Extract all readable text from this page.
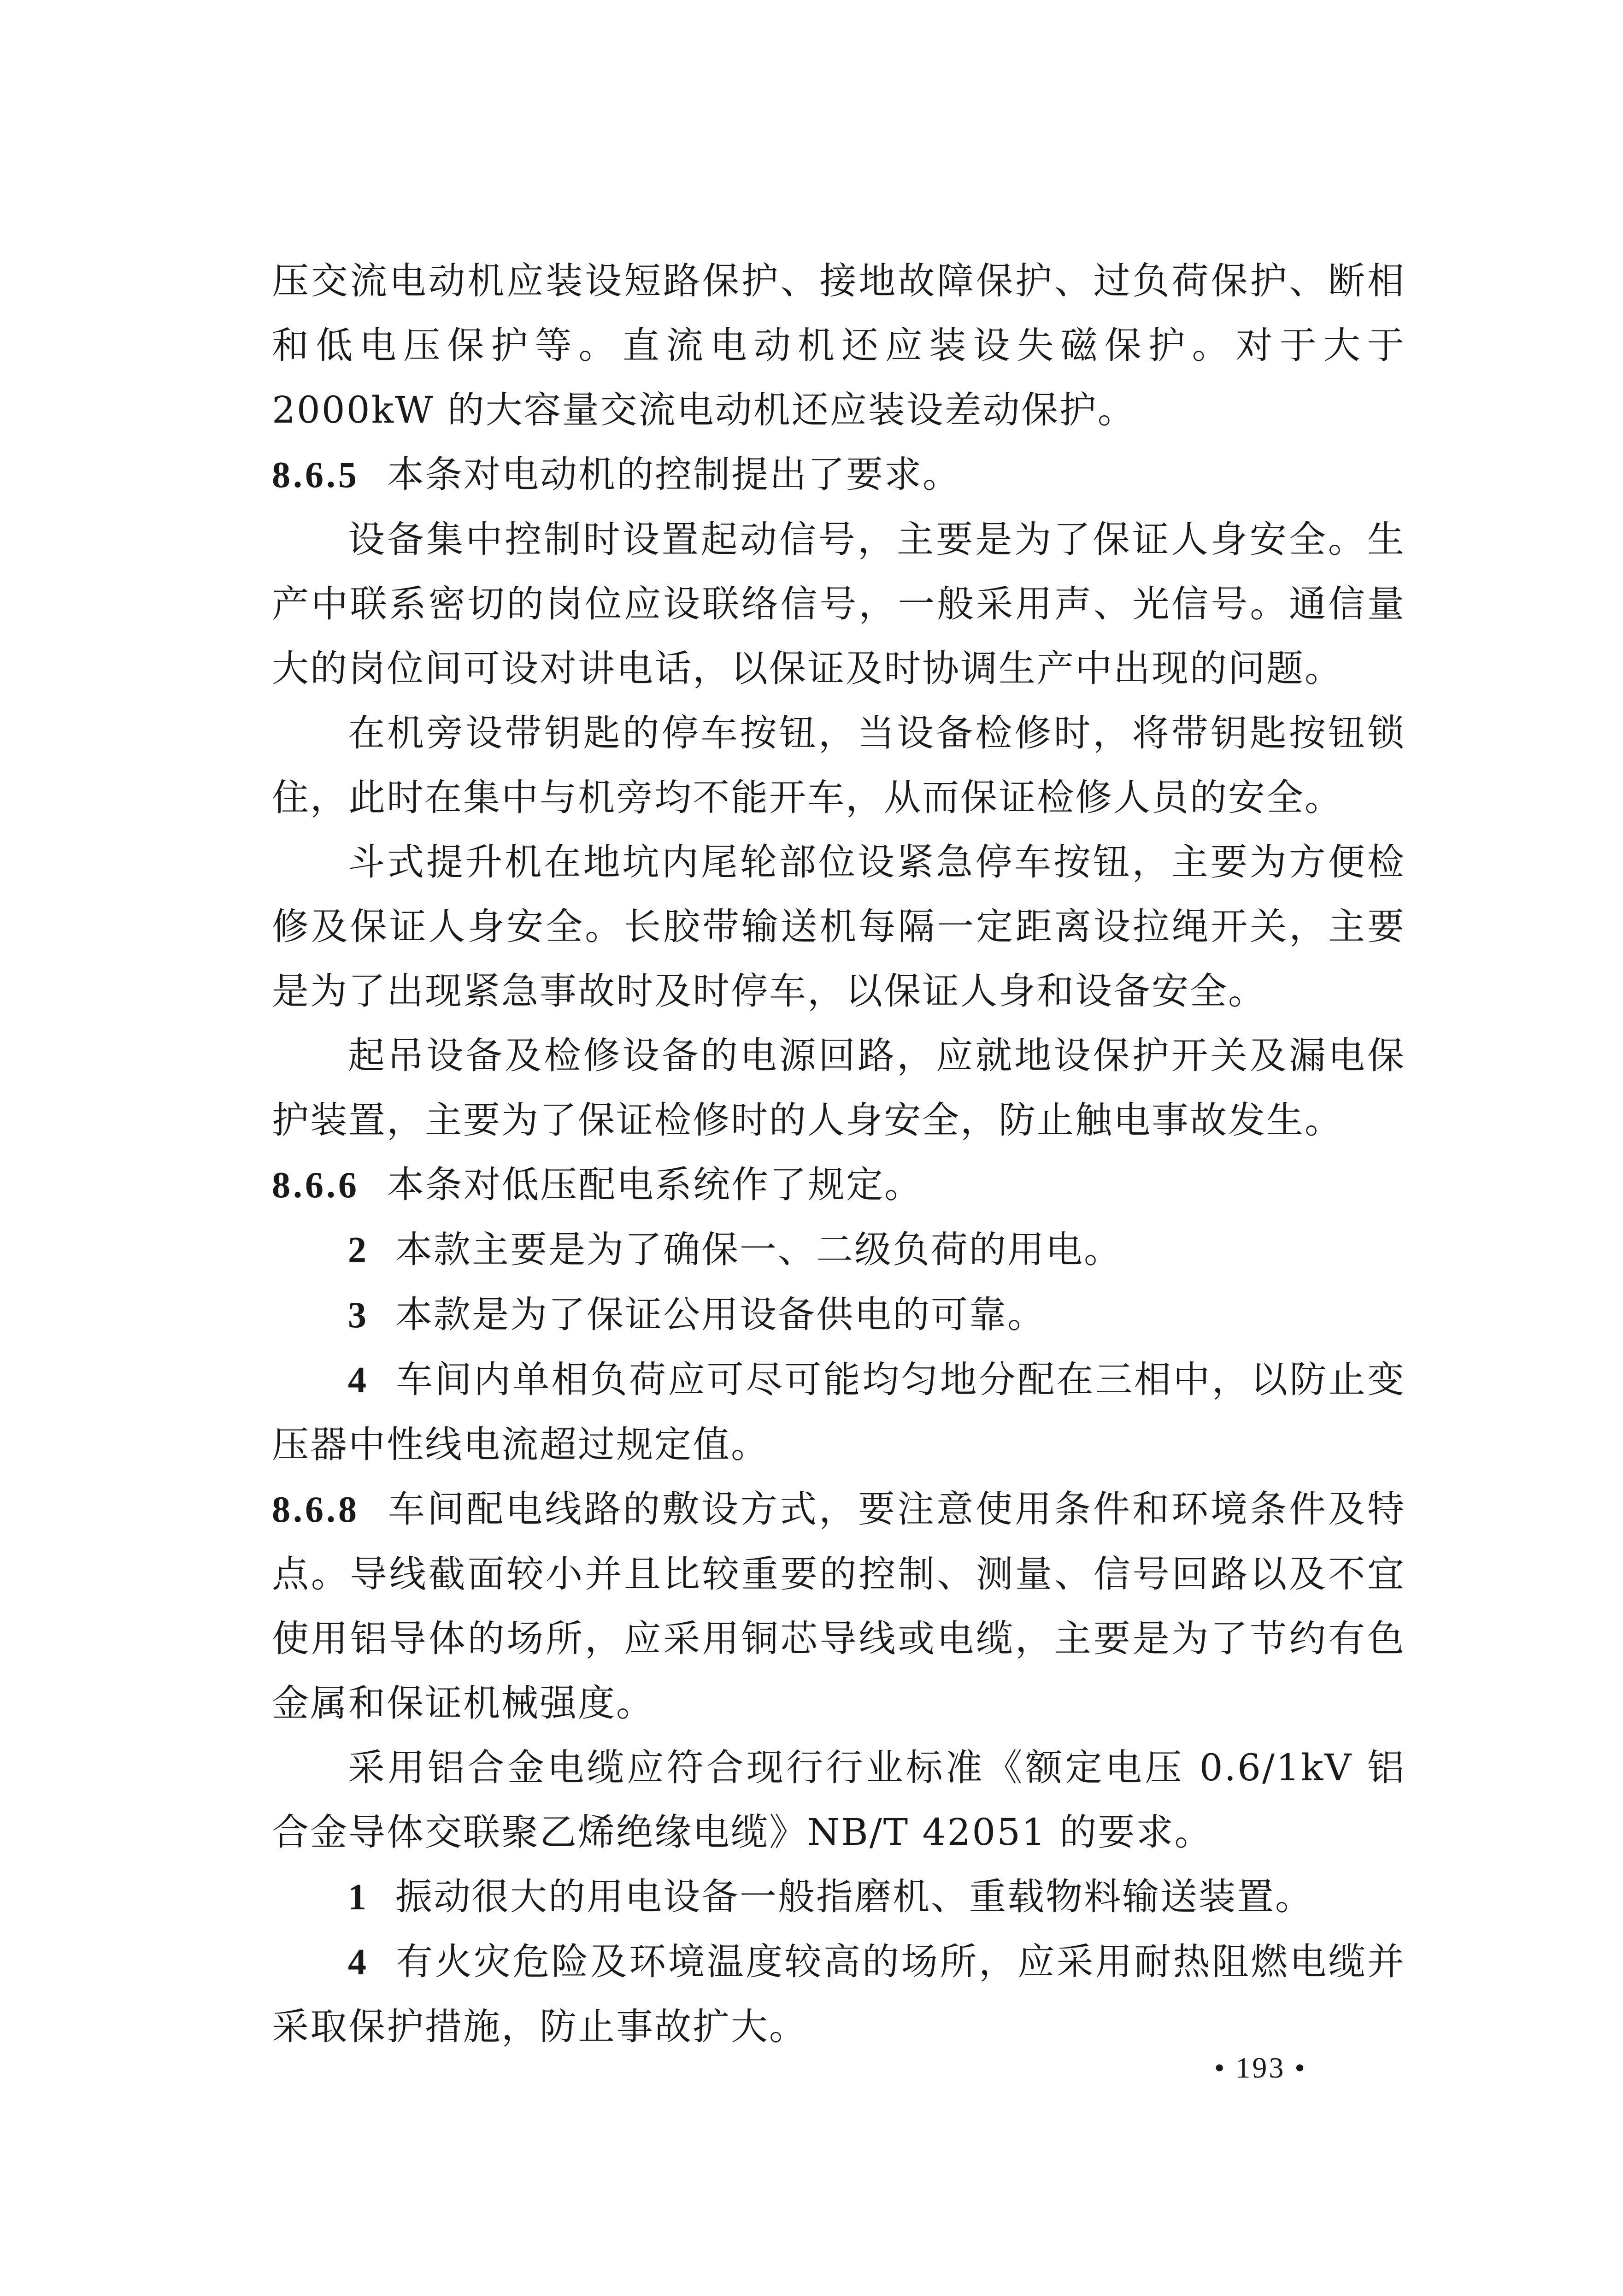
压交流电动机应装设短路保护、接地故障保护、过负荷保护、断相和低电压保护等。直流电动机还应装设失磁保护。对于大于2000kW 的大容量交流电动机还应装设差动保护。

8.6.5 本条对电动机的控制提出了要求。

设备集中控制时设置起动信号，主要是为了保证人身安全。生产中联系密切的岗位应设联络信号，一般采用声、光信号。通信量大的岗位间可设对讲电话，以保证及时协调生产中出现的问题。

在机旁设带钥匙的停车按钮，当设备检修时，将带钥匙按钮锁住，此时在集中与机旁均不能开车，从而保证检修人员的安全。

斗式提升机在地坑内尾轮部位设紧急停车按钮，主要为方便检修及保证人身安全。长胶带输送机每隔一定距离设拉绳开关，主要是为了出现紧急事故时及时停车，以保证人身和设备安全。

起吊设备及检修设备的电源回路，应就地设保护开关及漏电保护装置，主要为了保证检修时的人身安全，防止触电事故发生。

8.6.6 本条对低压配电系统作了规定。

2 本款主要是为了确保一、二级负荷的用电。

3 本款是为了保证公用设备供电的可靠。

4 车间内单相负荷应可尽可能均匀地分配在三相中，以防止变压器中性线电流超过规定值。

8.6.8 车间配电线路的敷设方式，要注意使用条件和环境条件及特点。导线截面较小并且比较重要的控制、测量、信号回路以及不宜使用铝导体的场所，应采用铜芯导线或电缆，主要是为了节约有色金属和保证机械强度。

采用铝合金电缆应符合现行行业标准《额定电压 0.6/1kV 铝合金导体交联聚乙烯绝缘电缆》NB/T 42051 的要求。

1 振动很大的用电设备一般指磨机、重载物料输送装置。

4 有火灾危险及环境温度较高的场所，应采用耐热阻燃电缆并采取保护措施，防止事故扩大。

• 193 •
